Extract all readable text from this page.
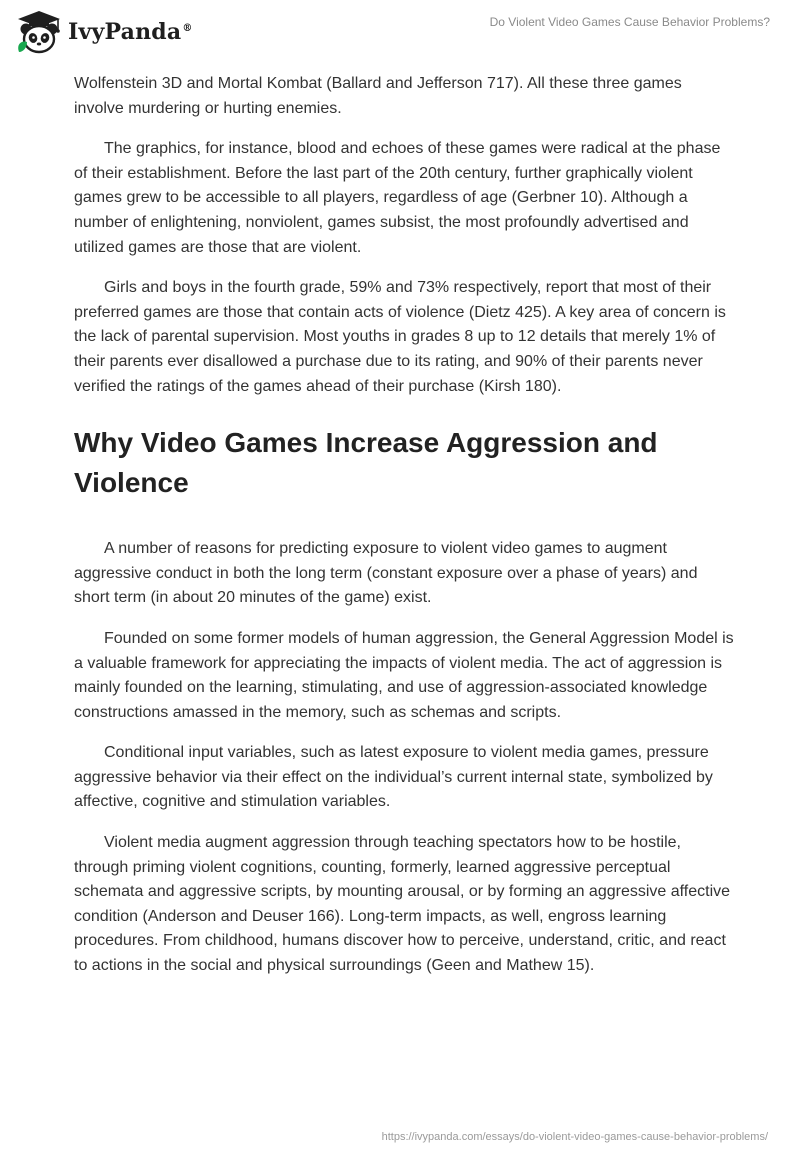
IvyPanda®	Do Violent Video Games Cause Behavior Problems?

Wolfenstein 3D and Mortal Kombat (Ballard and Jefferson 717). All these three games involve murdering or hurting enemies.

The graphics, for instance, blood and echoes of these games were radical at the phase of their establishment. Before the last part of the 20th century, further graphically violent games grew to be accessible to all players, regardless of age (Gerbner 10). Although a number of enlightening, nonviolent, games subsist, the most profoundly advertised and utilized games are those that are violent.

Girls and boys in the fourth grade, 59% and 73% respectively, report that most of their preferred games are those that contain acts of violence (Dietz 425). A key area of concern is the lack of parental supervision. Most youths in grades 8 up to 12 details that merely 1% of their parents ever disallowed a purchase due to its rating, and 90% of their parents never verified the ratings of the games ahead of their purchase (Kirsh 180).

Why Video Games Increase Aggression and Violence

A number of reasons for predicting exposure to violent video games to augment aggressive conduct in both the long term (constant exposure over a phase of years) and short term (in about 20 minutes of the game) exist.

Founded on some former models of human aggression, the General Aggression Model is a valuable framework for appreciating the impacts of violent media. The act of aggression is mainly founded on the learning, stimulating, and use of aggression-associated knowledge constructions amassed in the memory, such as schemas and scripts.

Conditional input variables, such as latest exposure to violent media games, pressure aggressive behavior via their effect on the individual’s current internal state, symbolized by affective, cognitive and stimulation variables.

Violent media augment aggression through teaching spectators how to be hostile, through priming violent cognitions, counting, formerly, learned aggressive perceptual schemata and aggressive scripts, by mounting arousal, or by forming an aggressive affective condition (Anderson and Deuser 166). Long-term impacts, as well, engross learning procedures. From childhood, humans discover how to perceive, understand, critic, and react to actions in the social and physical surroundings (Geen and Mathew 15).

https://ivypanda.com/essays/do-violent-video-games-cause-behavior-problems/
